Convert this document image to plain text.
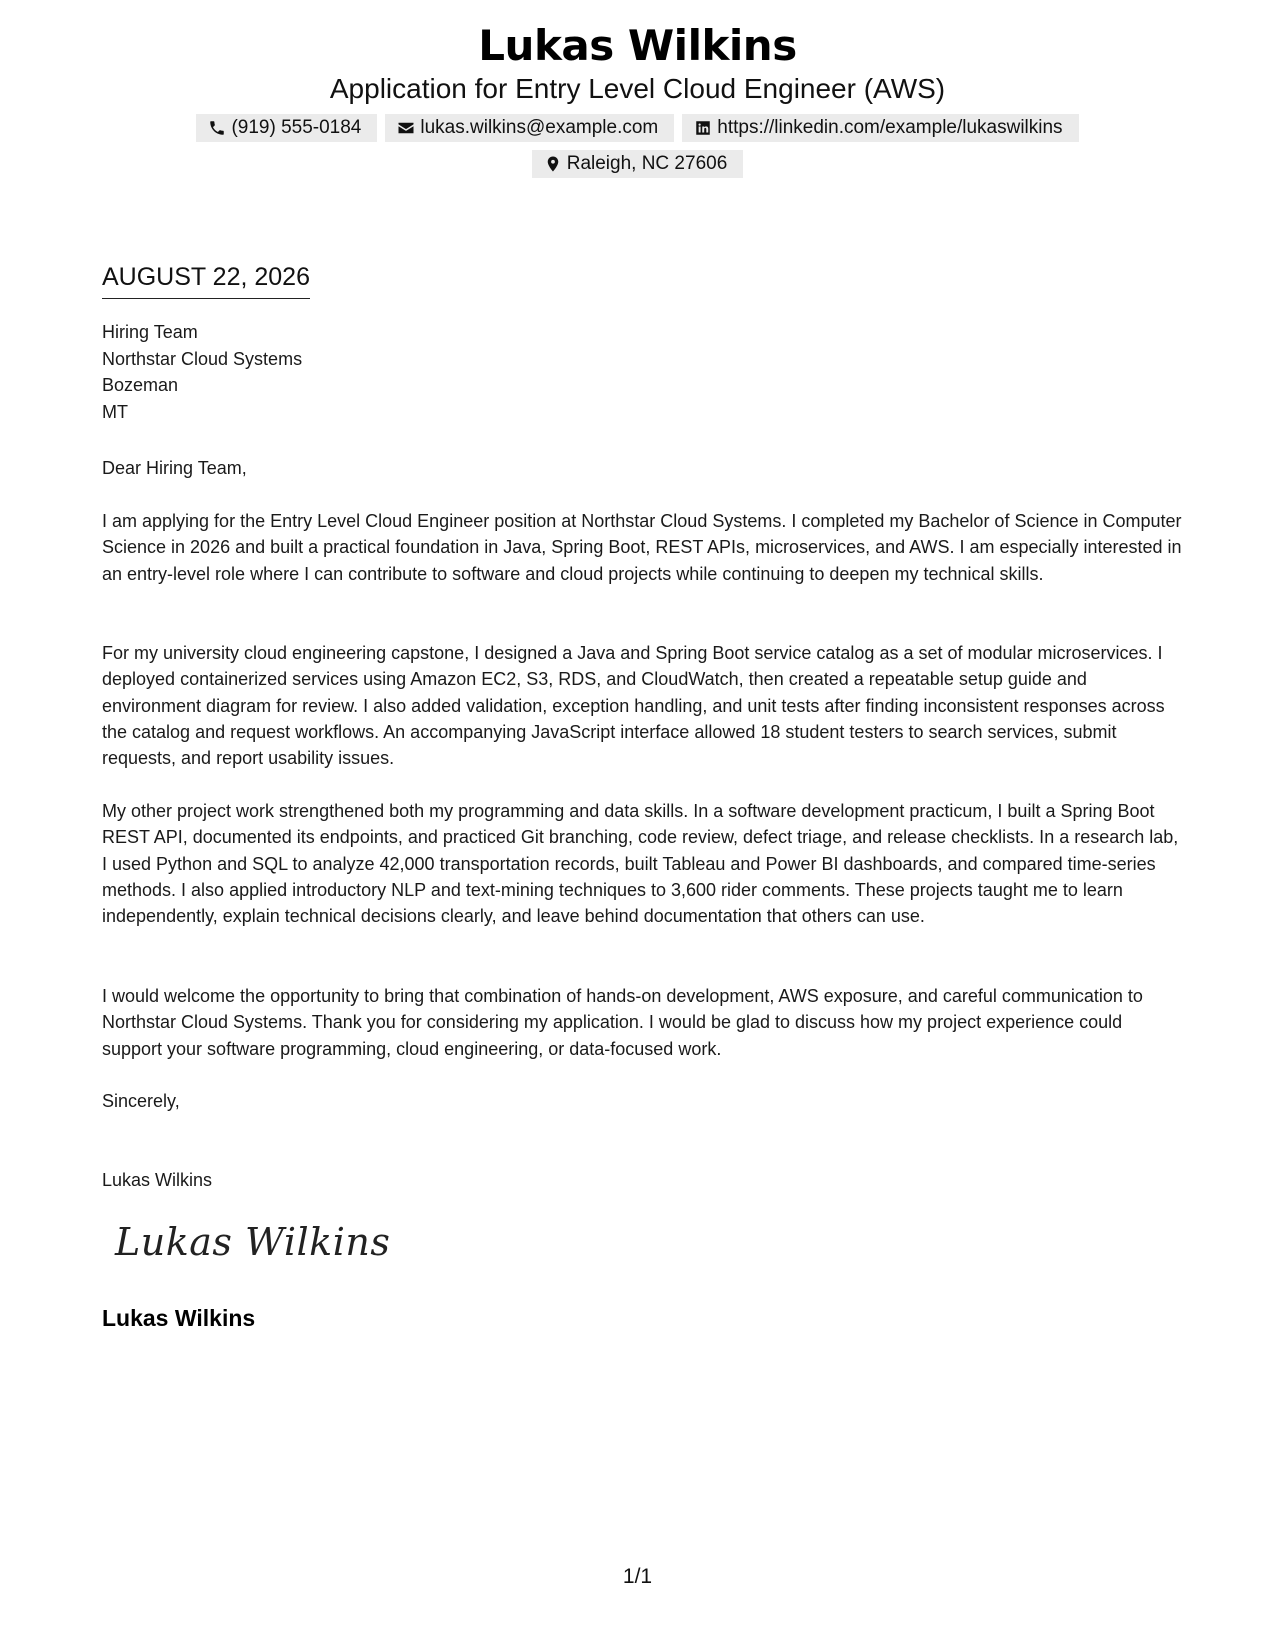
Lukas Wilkins
Application for Entry Level Cloud Engineer (AWS)
(919) 555-0184	lukas.wilkins@example.com	https://linkedin.com/example/lukaswilkins
Raleigh, NC 27606
AUGUST 22, 2026
Hiring Team
Northstar Cloud Systems
Bozeman
MT
Dear Hiring Team,

I am applying for the Entry Level Cloud Engineer position at Northstar Cloud Systems. I completed my Bachelor of Science in Computer Science in 2026 and built a practical foundation in Java, Spring Boot, REST APIs, microservices, and AWS. I am especially interested in an entry-level role where I can contribute to software and cloud projects while continuing to deepen my technical skills.

For my university cloud engineering capstone, I designed a Java and Spring Boot service catalog as a set of modular microservices. I deployed containerized services using Amazon EC2, S3, RDS, and CloudWatch, then created a repeatable setup guide and environment diagram for review. I also added validation, exception handling, and unit tests after finding inconsistent responses across the catalog and request workflows. An accompanying JavaScript interface allowed 18 student testers to search services, submit requests, and report usability issues.

My other project work strengthened both my programming and data skills. In a software development practicum, I built a Spring Boot REST API, documented its endpoints, and practiced Git branching, code review, defect triage, and release checklists. In a research lab, I used Python and SQL to analyze 42,000 transportation records, built Tableau and Power BI dashboards, and compared time-series methods. I also applied introductory NLP and text-mining techniques to 3,600 rider comments. These projects taught me to learn independently, explain technical decisions clearly, and leave behind documentation that others can use.

I would welcome the opportunity to bring that combination of hands-on development, AWS exposure, and careful communication to Northstar Cloud Systems. Thank you for considering my application. I would be glad to discuss how my project experience could support your software programming, cloud engineering, or data-focused work.

Sincerely,
Lukas Wilkins
Lukas Wilkins
Lukas Wilkins
1/1
